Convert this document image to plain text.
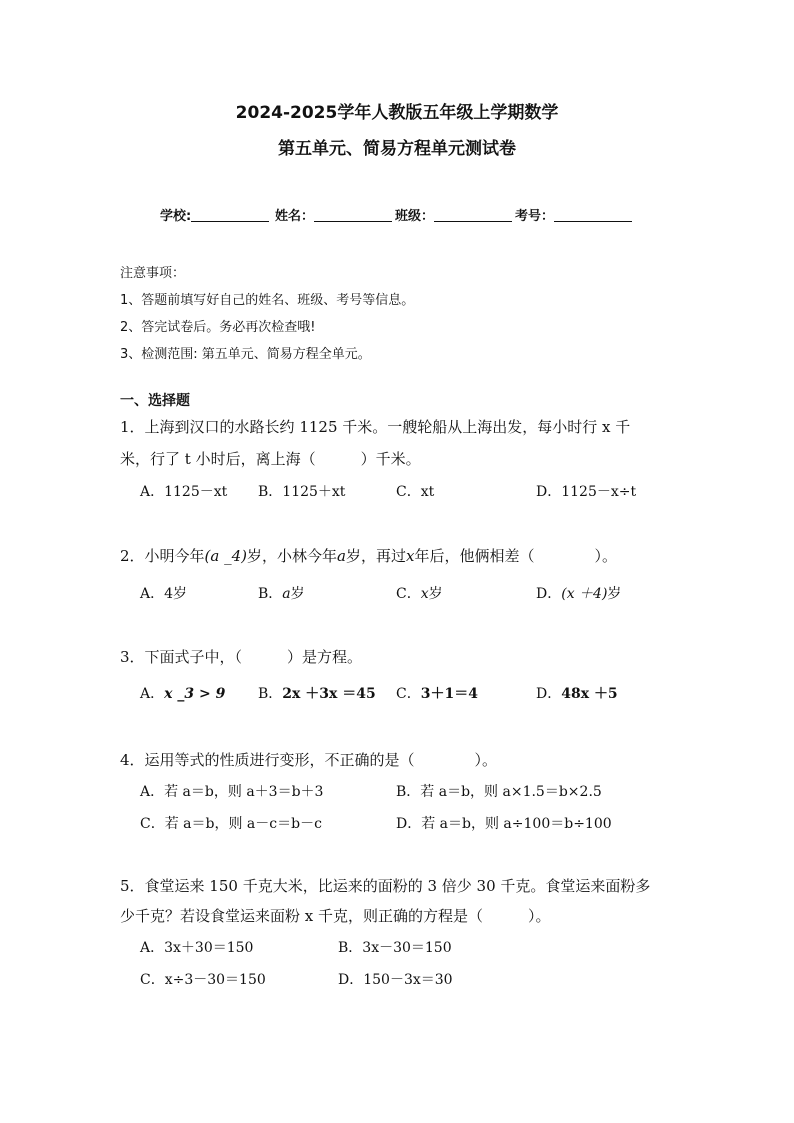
2024-2025学年人教版五年级上学期数学
第五单元、简易方程单元测试卷
学校:	姓名：	班级：	考号：
注意事项：
1、答题前填写好自己的姓名、班级、考号等信息。
2、答完试卷后。务必再次检查哦!
3、检测范围: 第五单元、简易方程全单元。
一、选择题
1．上海到汉口的水路长约 1125 千米。一艘轮船从上海出发，每小时行 x 千
米，行了 t 小时后，离上海（　　　）千米。
A．1125－xt B．1125＋xt	C．xt	D．1125－x÷t
2．小明今年(a _4)岁，小林今年a岁，再过x年后，他俩相差（　　　　）。
A．4岁	B．a岁	C．x岁	D．(x ＋4)岁
3．下面式子中，（　　　）是方程。
A．x _3 > 9 B．2x ＋3x ＝45 C．3＋1＝4	D．48x ＋5
4．运用等式的性质进行变形，不正确的是（　　　　）。
A．若 a＝b，则 a＋3＝b＋3	B．若 a＝b，则 a×1.5＝b×2.5
C．若 a＝b，则 a－c＝b－c	D．若 a＝b，则 a÷100＝b÷100
5．食堂运来 150 千克大米，比运来的面粉的 3 倍少 30 千克。食堂运来面粉多
少千克？若设食堂运来面粉 x 千克，则正确的方程是（　　　）。
A．3x＋30＝150	B．3x－30＝150
C．x÷3－30＝150	D．150－3x＝30
